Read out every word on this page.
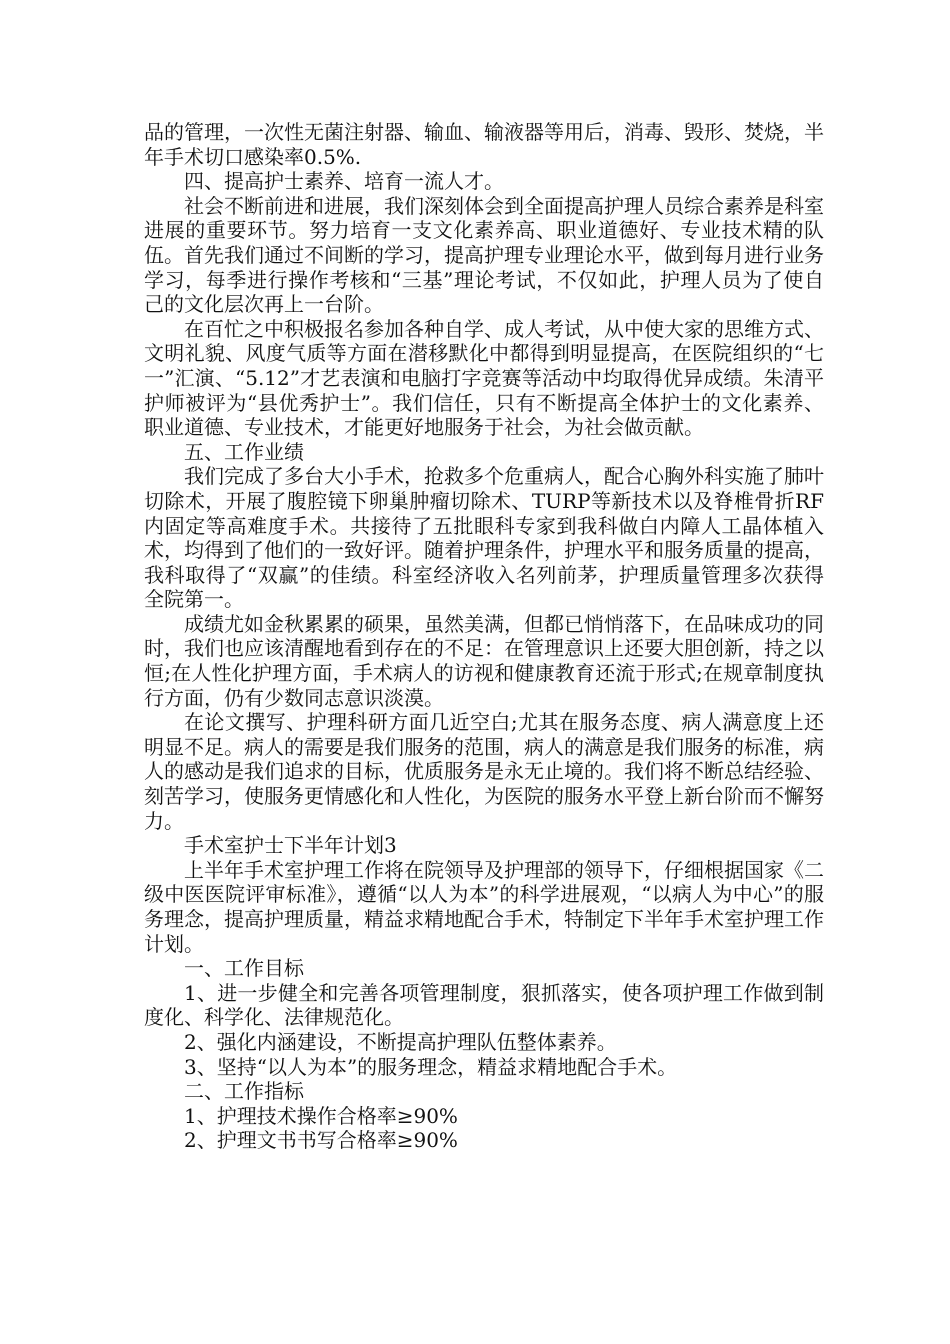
品的管理，一次性无菌注射器、输血、输液器等用后，消毒、毁形、焚烧，半年手术切口感染率0.5%.

四、提高护士素养、培育一流人才。

社会不断前进和进展，我们深刻体会到全面提高护理人员综合素养是科室进展的重要环节。努力培育一支文化素养高、职业道德好、专业技术精的队伍。首先我们通过不间断的学习，提高护理专业理论水平，做到每月进行业务学习，每季进行操作考核和“三基”理论考试，不仅如此，护理人员为了使自己的文化层次再上一台阶。

在百忙之中积极报名参加各种自学、成人考试，从中使大家的思维方式、文明礼貌、风度气质等方面在潜移默化中都得到明显提高，在医院组织的“七一”汇演、“5.12”才艺表演和电脑打字竞赛等活动中均取得优异成绩。朱清平护师被评为“县优秀护士”。我们信任，只有不断提高全体护士的文化素养、职业道德、专业技术，才能更好地服务于社会，为社会做贡献。

五、工作业绩

我们完成了多台大小手术，抢救多个危重病人，配合心胸外科实施了肺叶切除术，开展了腹腔镜下卵巢肿瘤切除术、TURP等新技术以及脊椎骨折RF内固定等高难度手术。共接待了五批眼科专家到我科做白内障人工晶体植入术，均得到了他们的一致好评。随着护理条件，护理水平和服务质量的提高，我科取得了“双赢”的佳绩。科室经济收入名列前茅，护理质量管理多次获得全院第一。

成绩尤如金秋累累的硕果，虽然美满，但都已悄悄落下，在品味成功的同时，我们也应该清醒地看到存在的不足：在管理意识上还要大胆创新，持之以恒;在人性化护理方面，手术病人的访视和健康教育还流于形式;在规章制度执行方面，仍有少数同志意识淡漠。

在论文撰写、护理科研方面几近空白;尤其在服务态度、病人满意度上还明显不足。病人的需要是我们服务的范围，病人的满意是我们服务的标准，病人的感动是我们追求的目标，优质服务是永无止境的。我们将不断总结经验、刻苦学习，使服务更情感化和人性化，为医院的服务水平登上新台阶而不懈努力。

手术室护士下半年计划3

上半年手术室护理工作将在院领导及护理部的领导下，仔细根据国家《二级中医医院评审标准》，遵循“以人为本”的科学进展观，“以病人为中心”的服务理念，提高护理质量，精益求精地配合手术，特制定下半年手术室护理工作计划。

一、工作目标

1、进一步健全和完善各项管理制度，狠抓落实，使各项护理工作做到制度化、科学化、法律规范化。

2、强化内涵建设，不断提高护理队伍整体素养。

3、坚持“以人为本”的服务理念，精益求精地配合手术。

二、工作指标

1、护理技术操作合格率≥90%

2、护理文书书写合格率≥90%
